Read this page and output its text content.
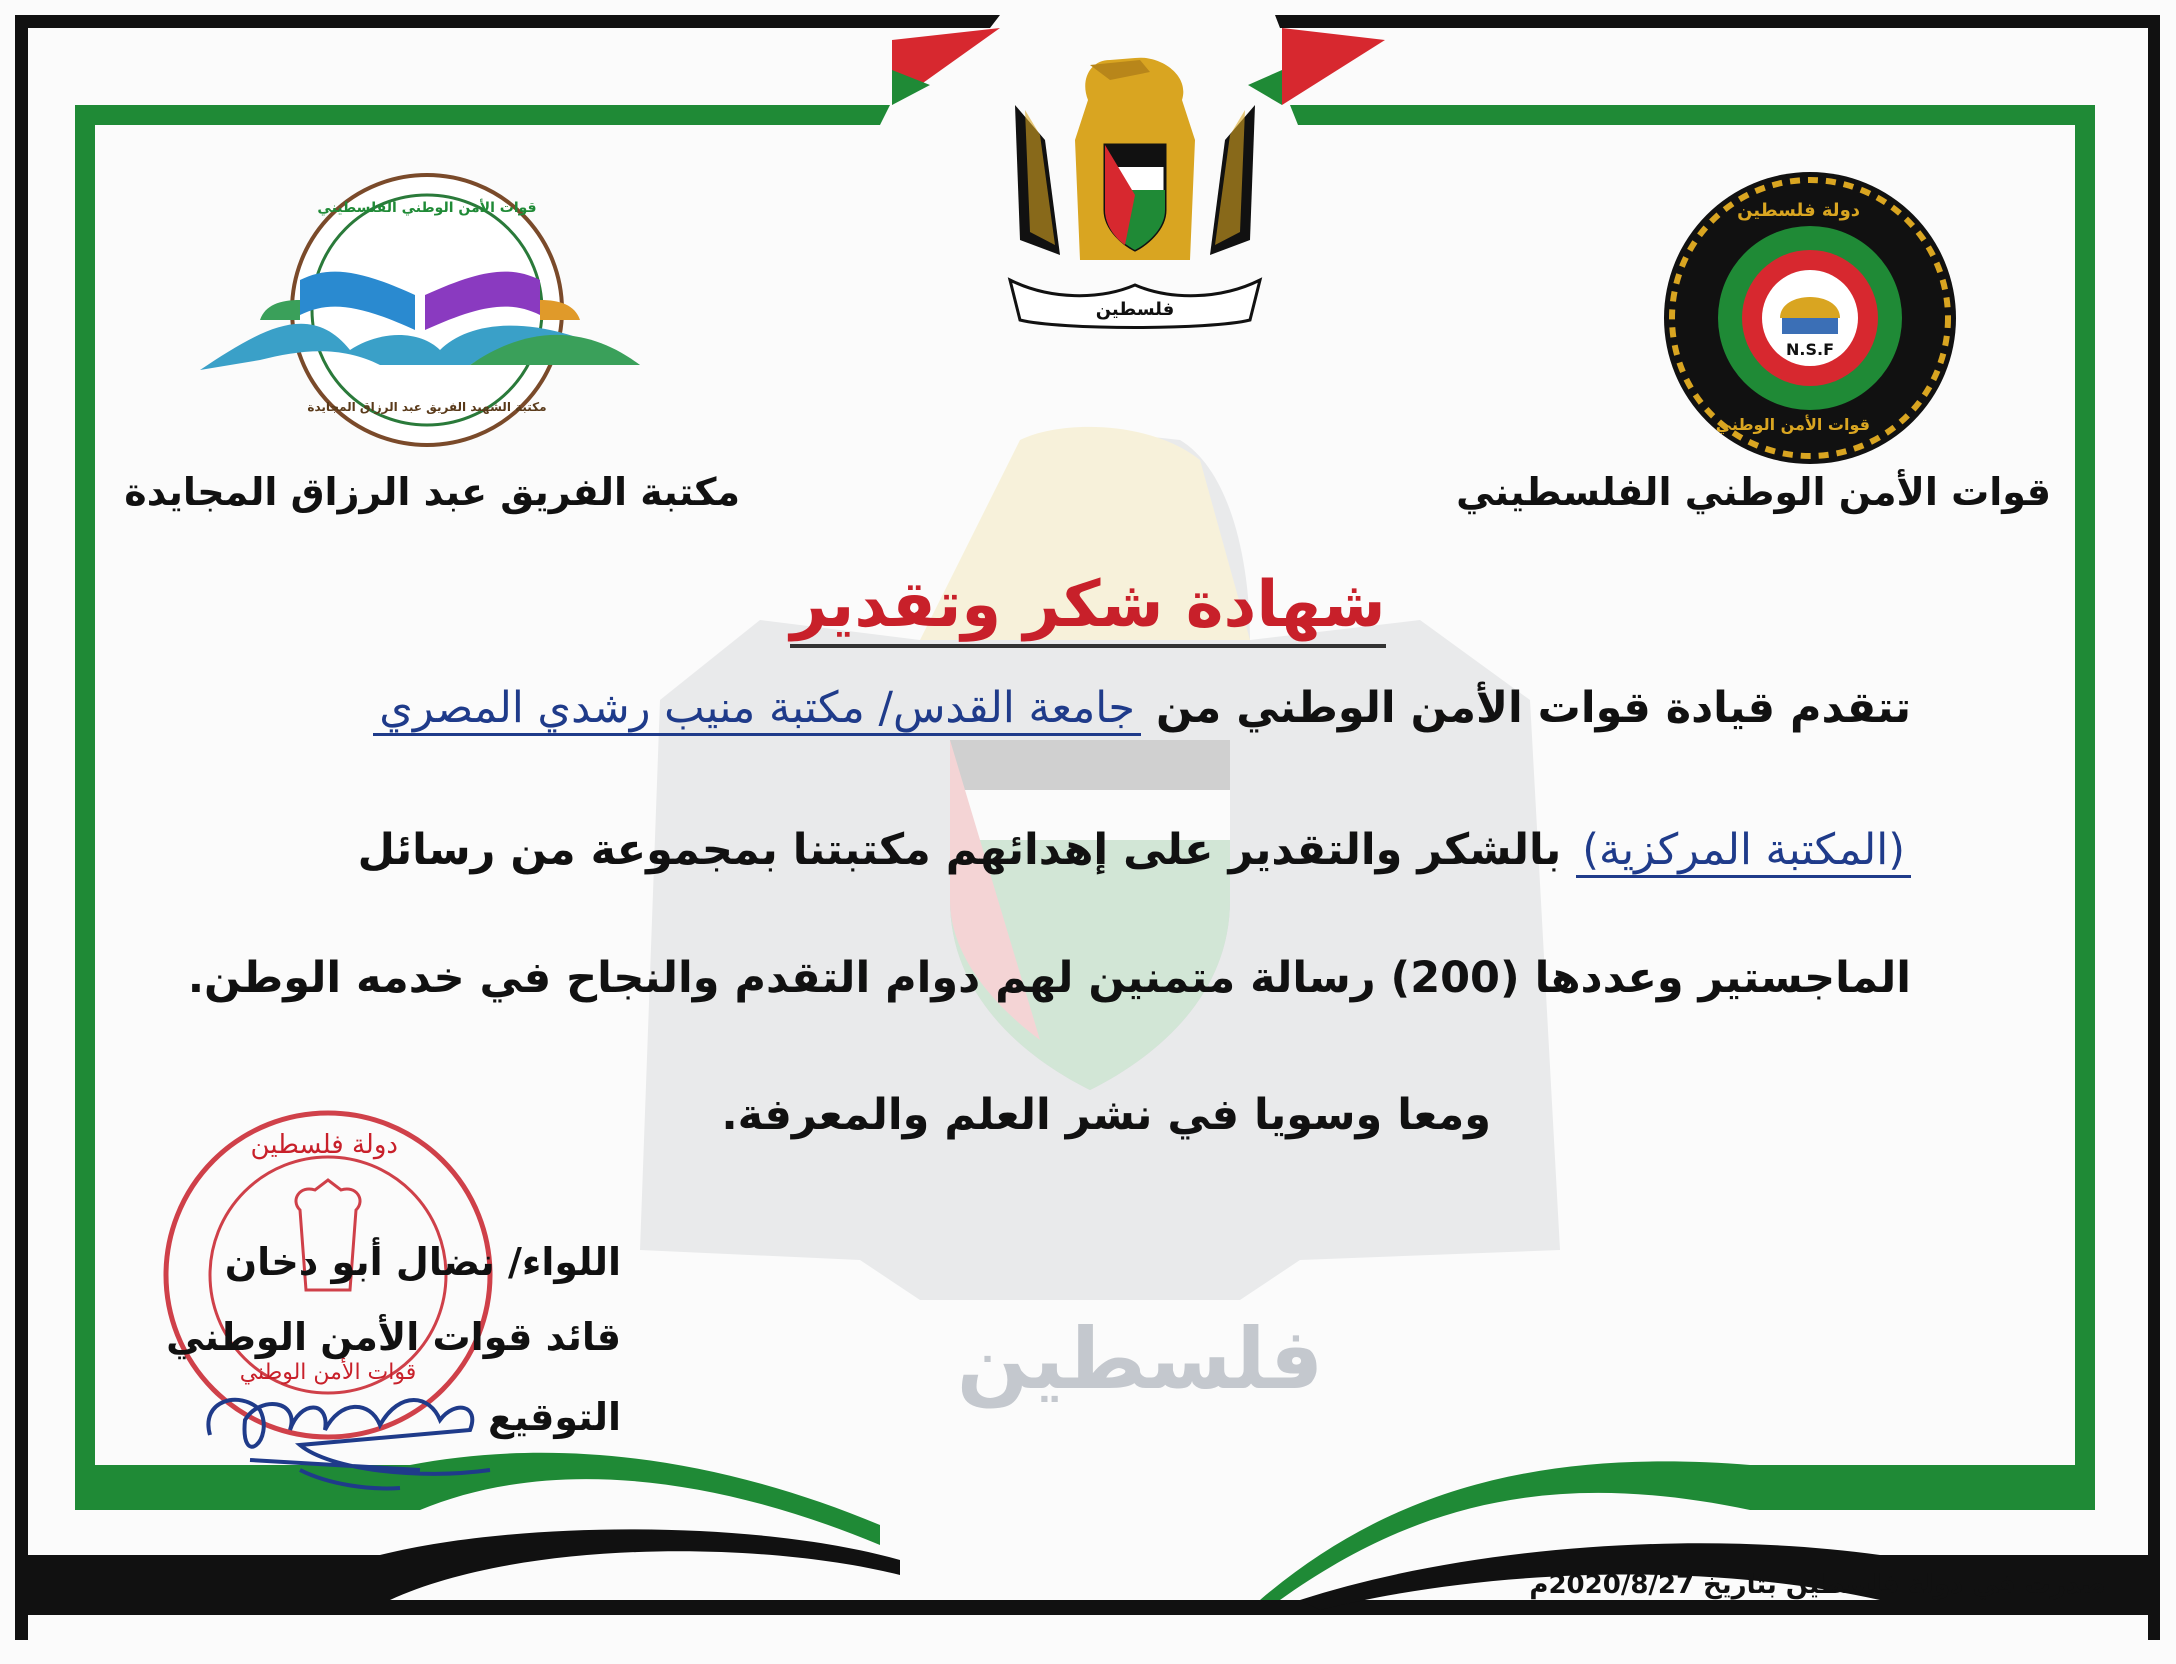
فلسطين
N.S.F
قوات الأمن الوطني الفلسطيني
مكتبة الفريق عبد الرزاق المجايدة
دولة فلسطين
قوات الأمن الوطني
قوات الأمن الوطني الفلسطيني
مكتبة الشهيد الفريق عبد الرزاق المجايدة
فلسطين
شهادة شكر وتقدير
تتقدم قيادة قوات الأمن الوطني من جامعة القدس/ مكتبة منيب رشدي المصري
(المكتبة المركزية) بالشكر والتقدير على إهدائهم مكتبتنا بمجموعة من رسائل
الماجستير وعددها (200) رسالة متمنين لهم دوام التقدم والنجاح في خدمه الوطن.
ومعا وسويا في نشر العلم والمعرفة.
اللواء/ نضال أبو دخان
قائد قوات الأمن الوطني
التوقيع
دولة فلسطين
قوات الأمن الوطني
صدرت في دولة فلسطين بتاريخ 2020/8/27م
